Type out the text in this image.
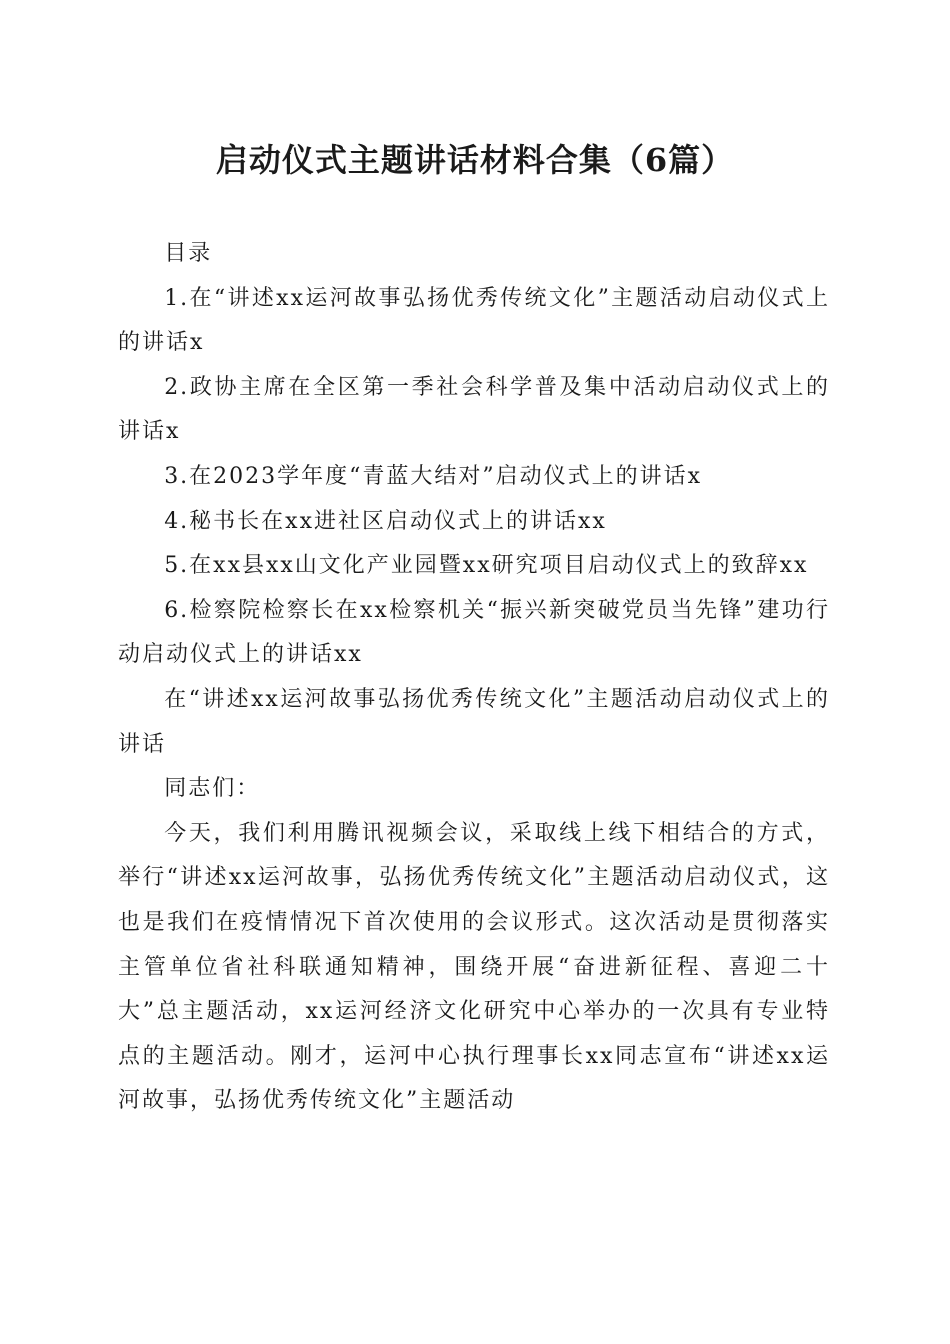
启动仪式主题讲话材料合集（6篇）

目录

1.在“讲述xx运河故事弘扬优秀传统文化”主题活动启动仪式上的讲话x

2.政协主席在全区第一季社会科学普及集中活动启动仪式上的讲话x

3.在2023学年度“青蓝大结对”启动仪式上的讲话x

4.秘书长在xx进社区启动仪式上的讲话xx

5.在xx县xx山文化产业园暨xx研究项目启动仪式上的致辞xx

6.检察院检察长在xx检察机关“振兴新突破党员当先锋”建功行动启动仪式上的讲话xx

在“讲述xx运河故事弘扬优秀传统文化”主题活动启动仪式上的讲话

同志们：

今天，我们利用腾讯视频会议，采取线上线下相结合的方式，举行“讲述xx运河故事，弘扬优秀传统文化”主题活动启动仪式，这也是我们在疫情情况下首次使用的会议形式。这次活动是贯彻落实主管单位省社科联通知精神，围绕开展“奋进新征程、喜迎二十大”总主题活动，xx运河经济文化研究中心举办的一次具有专业特点的主题活动。刚才，运河中心执行理事长xx同志宣布“讲述xx运河故事，弘扬优秀传统文化”主题活动
